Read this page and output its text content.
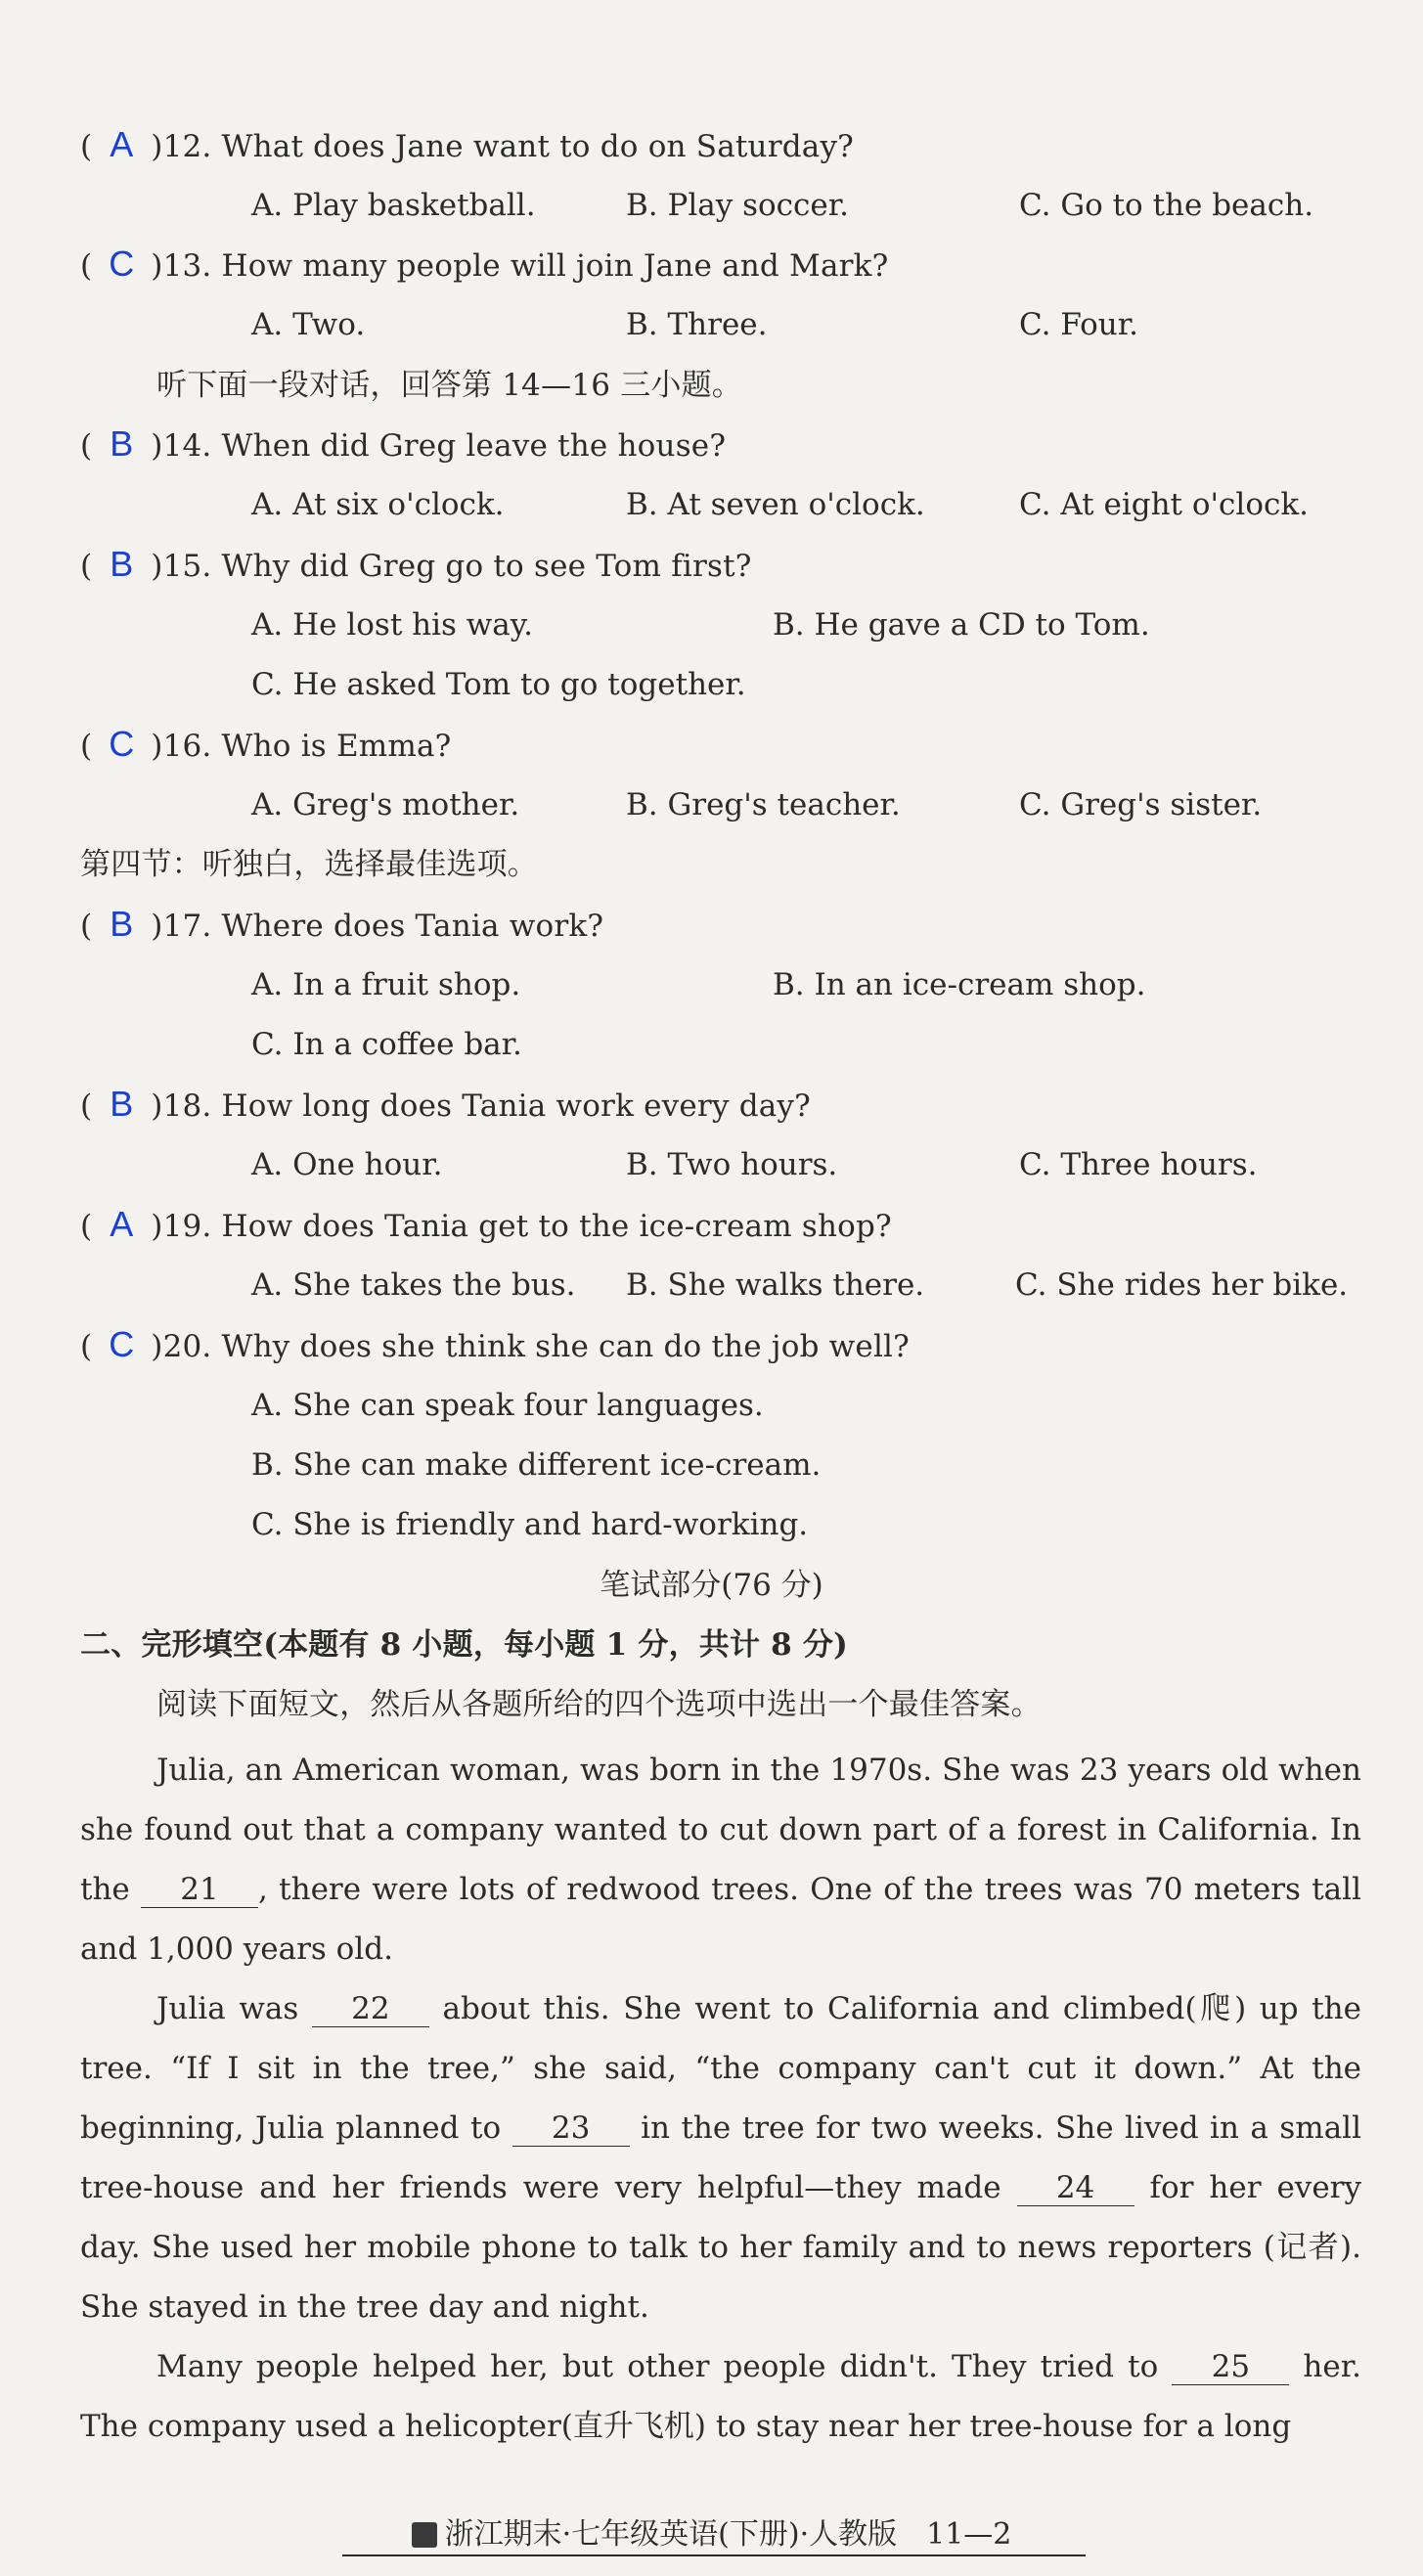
( A )12. What does Jane want to do on Saturday?
A. Play basketball.	B. Play soccer.	C. Go to the beach.
( C )13. How many people will join Jane and Mark?
A. Two.	B. Three.	C. Four.
听下面一段对话，回答第 14—16 三小题。
( B )14. When did Greg leave the house?
A. At six o'clock.	B. At seven o'clock.	C. At eight o'clock.
( B )15. Why did Greg go to see Tom first?
A. He lost his way.	B. He gave a CD to Tom.
C. He asked Tom to go together.
( C )16. Who is Emma?
A. Greg's mother.	B. Greg's teacher.	C. Greg's sister.
第四节：听独白，选择最佳选项。
( B )17. Where does Tania work?
A. In a fruit shop.	B. In an ice-cream shop.
C. In a coffee bar.
( B )18. How long does Tania work every day?
A. One hour.	B. Two hours.	C. Three hours.
( A )19. How does Tania get to the ice-cream shop?
A. She takes the bus. B. She walks there.	C. She rides her bike.
( C )20. Why does she think she can do the job well?
A. She can speak four languages.
B. She can make different ice-cream.
C. She is friendly and hard-working.
笔试部分(76 分)
二、完形填空(本题有 8 小题，每小题 1 分，共计 8 分)
阅读下面短文，然后从各题所给的四个选项中选出一个最佳答案。
Julia, an American woman, was born in the 1970s. She was 23 years old when she found out that a company wanted to cut down part of a forest in California. In the 21 , there were lots of redwood trees. One of the trees was 70 meters tall and 1,000 years old.
Julia was 22 about this. She went to California and climbed(爬) up the tree. “If I sit in the tree,” she said, “the company can't cut it down.” At the beginning, Julia planned to 23 in the tree for two weeks. She lived in a small tree-house and her friends were very helpful—they made 24 for her every day. She used her mobile phone to talk to her family and to news reporters (记者). She stayed in the tree day and night.
Many people helped her, but other people didn't. They tried to 25 her. The company used a helicopter(直升飞机) to stay near her tree-house for a long
浙江期末·七年级英语(下册)·人教版 11—2
